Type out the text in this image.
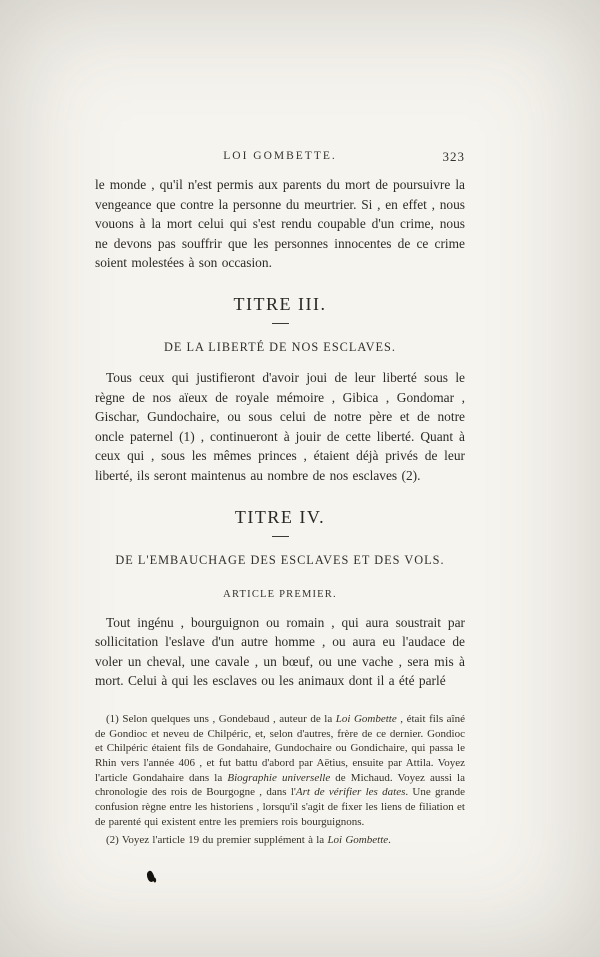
LOI GOMBETTE.	323

le monde , qu'il n'est permis aux parents du mort de poursuivre la vengeance que contre la personne du meurtrier. Si , en effet , nous vouons à la mort celui qui s'est rendu coupable d'un crime, nous ne devons pas souffrir que les personnes innocentes de ce crime soient molestées à son occasion.

TITRE III.
DE LA LIBERTÉ DE NOS ESCLAVES.

Tous ceux qui justifieront d'avoir joui de leur liberté sous le règne de nos aïeux de royale mémoire , Gibica , Gondomar , Gischar, Gundochaire, ou sous celui de notre père et de notre oncle paternel (1) , continueront à jouir de cette liberté. Quant à ceux qui , sous les mêmes princes , étaient déjà privés de leur liberté, ils seront maintenus au nombre de nos esclaves (2).

TITRE IV.
DE L'EMBAUCHAGE DES ESCLAVES ET DES VOLS.
ARTICLE PREMIER.

Tout ingénu , bourguignon ou romain , qui aura soustrait par sollicitation l'eslave d'un autre homme , ou aura eu l'audace de voler un cheval, une cavale , un bœuf, ou une vache , sera mis à mort. Celui à qui les esclaves ou les animaux dont il a été parlé

(1) Selon quelques uns , Gondebaud , auteur de la Loi Gombette , était fils aîné de Gondioc et neveu de Chilpéric, et, selon d'autres, frère de ce dernier. Gondioc et Chilpéric étaient fils de Gondahaire, Gundochaire ou Gondichaire, qui passa le Rhin vers l'année 406 , et fut battu d'abord par Aëtius, ensuite par Attila. Voyez l'article Gondahaire dans la Biographie universelle de Michaud. Voyez aussi la chronologie des rois de Bourgogne , dans l'Art de vérifier les dates. Une grande confusion règne entre les historiens , lorsqu'il s'agit de fixer les liens de filiation et de parenté qui existent entre les premiers rois bourguignons.

(2) Voyez l'article 19 du premier supplément à la Loi Gombette.
